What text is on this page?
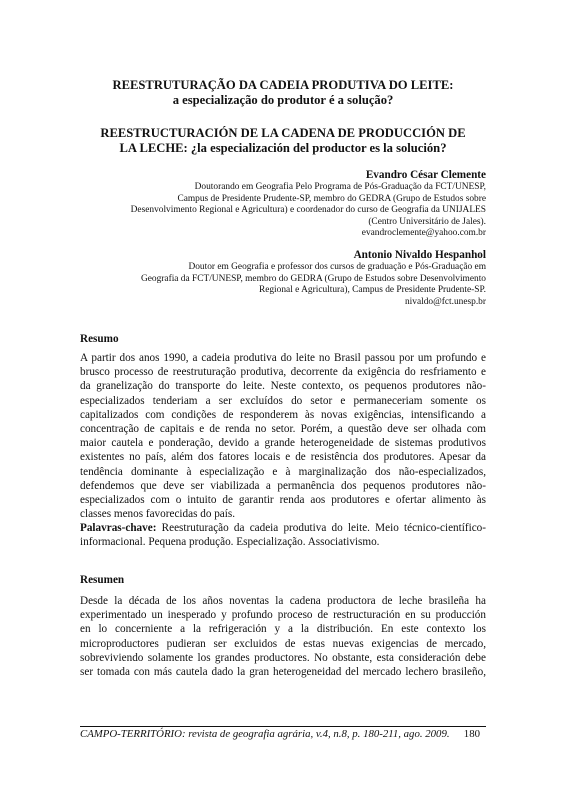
REESTRUTURAÇÃO DA CADEIA PRODUTIVA DO LEITE:
a especialização do produtor é a solução?
REESTRUCTURACIÓN DE LA CADENA DE PRODUCCIÓN DE
LA LECHE: ¿la especialización del productor es la solución?
Evandro César Clemente
Doutorando em Geografia Pelo Programa de Pós-Graduação da FCT/UNESP,
Campus de Presidente Prudente-SP, membro do GEDRA (Grupo de Estudos sobre
Desenvolvimento Regional e Agricultura) e coordenador do curso de Geografia da UNIJALES
(Centro Universitário de Jales).
evandroclemente@yahoo.com.br
Antonio Nivaldo Hespanhol
Doutor em Geografia e professor dos cursos de graduação e Pós-Graduação em
Geografia da FCT/UNESP, membro do GEDRA (Grupo de Estudos sobre Desenvolvimento
Regional e Agricultura), Campus de Presidente Prudente-SP.
nivaldo@fct.unesp.br
Resumo
A partir dos anos 1990, a cadeia produtiva do leite no Brasil passou por um profundo e
brusco processo de reestruturação produtiva, decorrente da exigência do resfriamento e
da granelização do transporte do leite. Neste contexto, os pequenos produtores não-
especializados tenderiam a ser excluídos do setor e permaneceriam somente os
capitalizados com condições de responderem às novas exigências, intensificando a
concentração de capitais e de renda no setor. Porém, a questão deve ser olhada com
maior cautela e ponderação, devido a grande heterogeneidade de sistemas produtivos
existentes no país, além dos fatores locais e de resistência dos produtores. Apesar da
tendência dominante à especialização e à marginalização dos não-especializados,
defendemos que deve ser viabilizada a permanência dos pequenos produtores não-
especializados com o intuito de garantir renda aos produtores e ofertar alimento às
classes menos favorecidas do país.
Palavras-chave: Reestruturação da cadeia produtiva do leite. Meio técnico-científico-
informacional. Pequena produção. Especialização. Associativismo.
Resumen
Desde la década de los años noventas la cadena productora de leche brasileña ha
experimentado un inesperado y profundo proceso de restructuración en su producción
en lo concerniente a la refrigeración y a la distribución. En este contexto los
microproductores pudieran ser excluidos de estas nuevas exigencias de mercado,
sobreviviendo solamente los grandes productores. No obstante, esta consideración debe
ser tomada con más cautela dado la gran heterogeneidad del mercado lechero brasileño,
CAMPO-TERRITÓRIO: revista de geografia agrária, v.4, n.8, p. 180-211, ago. 2009. 180
